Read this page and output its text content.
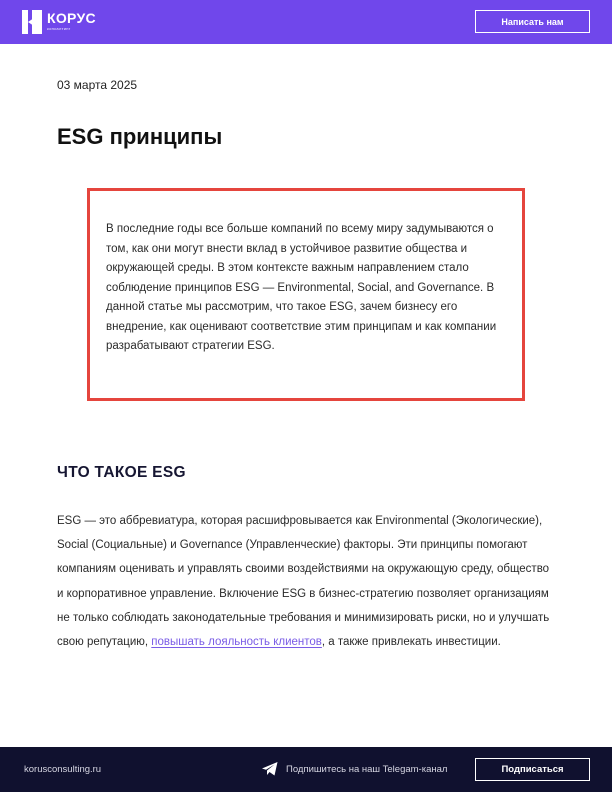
КОРУС
консалтинг
Написать нам
03 марта 2025
ESG принципы

В последние годы все больше компаний по всему миру задумываются о том, как они могут внести вклад в устойчивое развитие общества и окружающей среды. В этом контексте важным направлением стало соблюдение принципов ESG — Environmental, Social, and Governance. В данной статье мы рассмотрим, что такое ESG, зачем бизнесу его внедрение, как оценивают соответствие этим принципам и как компании разрабатывают стратегии ESG.

ЧТО ТАКОЕ ESG

ESG — это аббревиатура, которая расшифровывается как Environmental (Экологические), Social (Социальные) и Governance (Управленческие) факторы. Эти принципы помогают компаниям оценивать и управлять своими воздействиями на окружающую среду, общество и корпоративное управление. Включение ESG в бизнес-стратегию позволяет организациям не только соблюдать законодательные требования и минимизировать риски, но и улучшать свою репутацию, повышать лояльность клиентов, а также привлекать инвестиции.

korusconsulting.ru	Подпишитесь на наш Telegam-канал	Подписаться
